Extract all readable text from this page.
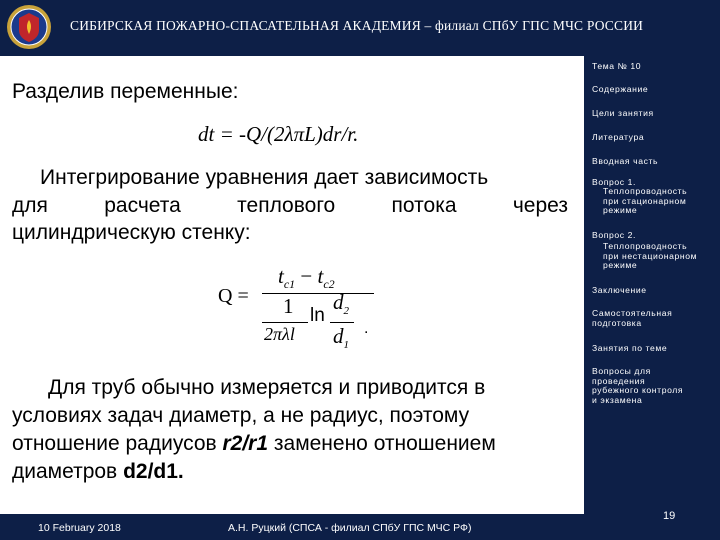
СИБИРСКАЯ ПОЖАРНО-СПАСАТЕЛЬНАЯ АКАДЕМИЯ – филиал СПбУ ГПС МЧС РОССИИ
Разделив переменные:
dt = -Q/(2λπL)dr/r.
Интегрирование уравнения дает зависимость
для расчета теплового потока через
цилиндрическую стенку:
Q =
$t_{с1} - t_{с2}$
1
2πλl
ln
$d_2$
$d_1$
.
Для труб обычно измеряется и приводится в
условиях задач диаметр, а не радиус, поэтому
отношение радиусов r2/r1 заменено отношением
диаметров d2/d1.
Тема № 10
Содержание
Цели занятия
Литература
Вводная часть
Вопрос 1.
Теплопроводность
при стационарном
режиме
Вопрос 2.
Теплопроводность
при нестационарном
режиме
Заключение
Самостоятельная
подготовка
Занятия по теме
Вопросы для
проведения
рубежного контроля
и экзамена
10 February 2018	А.Н. Руцкий (СПСА - филиал СПбУ ГПС МЧС РФ)
19
